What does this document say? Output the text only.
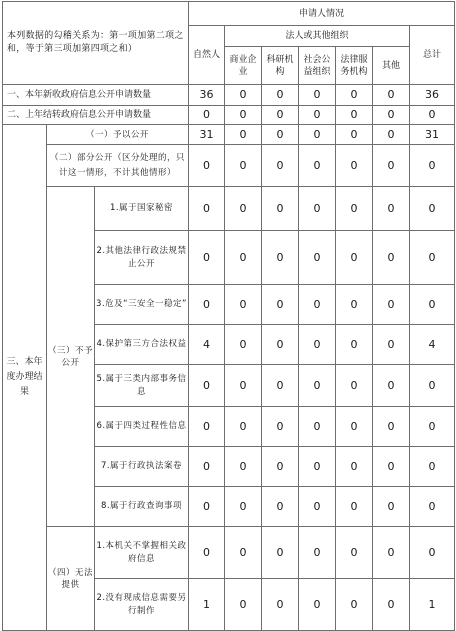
本列数据的勾稽关系为：第一项加第二项之和，等于第三项加第四项之和）			申请人情况						
			自然人	法人或其他组织					总计
				商业企业	科研机构	社会公益组织	法律服务机构	其他	
一、本年新收政府信息公开申请数量			36	0	0	0	0	0	36
二、上年结转政府信息公开申请数量			0	0	0	0	0	0	0
三、本年度办理结果	（一）予以公开		31	0	0	0	0	0	31
	（二）部分公开（区分处理的，只计这一情形，不计其他情形）		0	0	0	0	0	0	0
	（三）不予公开	1.属于国家秘密	0	0	0	0	0	0	0
		2.其他法律行政法规禁止公开	0	0	0	0	0	0	0
		3.危及“三安全一稳定”	0	0	0	0	0	0	0
		4.保护第三方合法权益	4	0	0	0	0	0	4
		5.属于三类内部事务信息	0	0	0	0	0	0	0
		6.属于四类过程性信息	0	0	0	0	0	0	0
		7.属于行政执法案卷	0	0	0	0	0	0	0
		8.属于行政查询事项	0	0	0	0	0	0	0
	（四）无法提供	1.本机关不掌握相关政府信息	0	0	0	0	0	0	0
		2.没有现成信息需要另行制作	1	0	0	0	0	0	1
